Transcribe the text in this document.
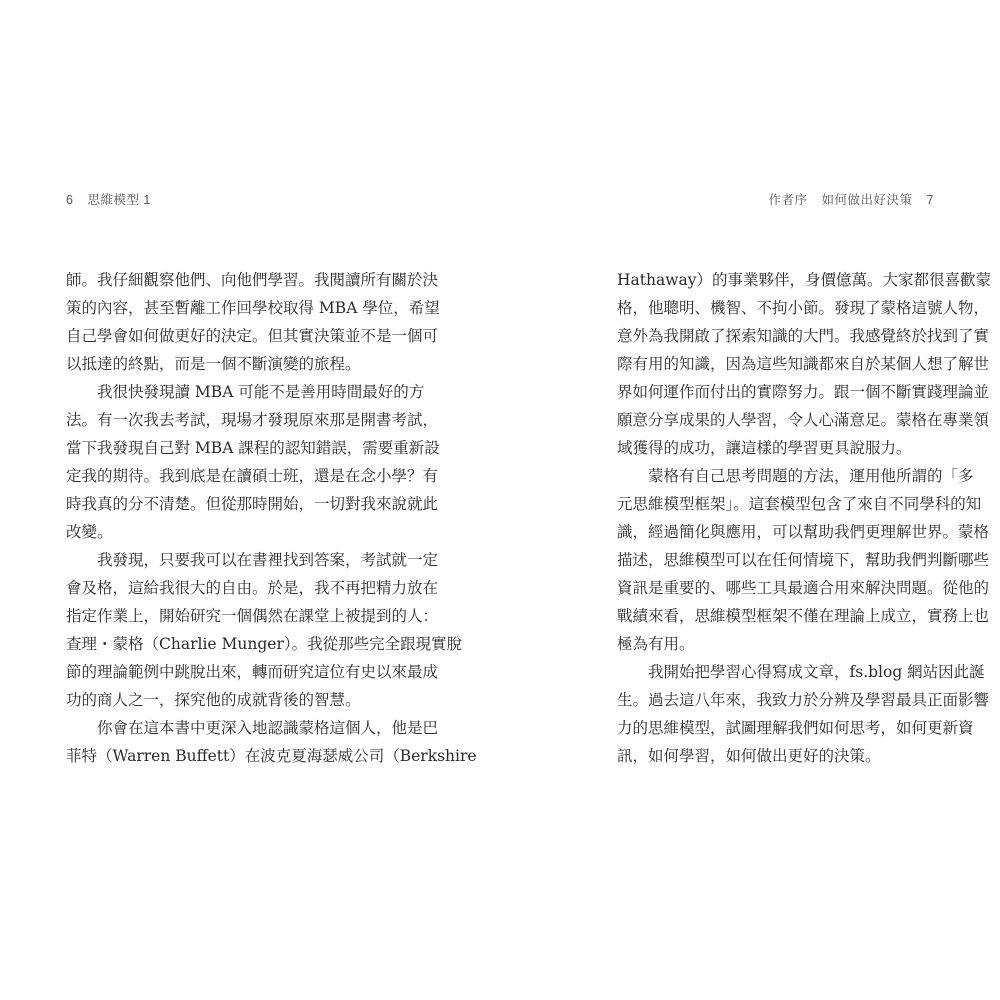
6 思維模型 1	作者序 如何做出好決策 7
師。我仔細觀察他們、向他們學習。我閱讀所有關於決
策的內容，甚至暫離工作回學校取得 MBA 學位，希望
自己學會如何做更好的決定。但其實決策並不是一個可
以抵達的終點，而是一個不斷演變的旅程。
我很快發現讀 MBA 可能不是善用時間最好的方
法。有一次我去考試，現場才發現原來那是開書考試，
當下我發現自己對 MBA 課程的認知錯誤，需要重新設
定我的期待。我到底是在讀碩士班，還是在念小學？有
時我真的分不清楚。但從那時開始，一切對我來說就此
改變。
我發現，只要我可以在書裡找到答案，考試就一定
會及格，這給我很大的自由。於是，我不再把精力放在
指定作業上，開始研究一個偶然在課堂上被提到的人：
查理・蒙格（Charlie Munger）。我從那些完全跟現實脫
節的理論範例中跳脫出來，轉而研究這位有史以來最成
功的商人之一，探究他的成就背後的智慧。
你會在這本書中更深入地認識蒙格這個人，他是巴
菲特（Warren Buffett）在波克夏海瑟威公司（Berkshire
Hathaway）的事業夥伴，身價億萬。大家都很喜歡蒙
格，他聰明、機智、不拘小節。發現了蒙格這號人物，
意外為我開啟了探索知識的大門。我感覺終於找到了實
際有用的知識，因為這些知識都來自於某個人想了解世
界如何運作而付出的實際努力。跟一個不斷實踐理論並
願意分享成果的人學習，令人心滿意足。蒙格在專業領
域獲得的成功，讓這樣的學習更具說服力。
蒙格有自己思考問題的方法，運用他所謂的「多
元思維模型框架」。這套模型包含了來自不同學科的知
識，經過簡化與應用，可以幫助我們更理解世界。蒙格
描述，思維模型可以在任何情境下，幫助我們判斷哪些
資訊是重要的、哪些工具最適合用來解決問題。從他的
戰績來看，思維模型框架不僅在理論上成立，實務上也
極為有用。
我開始把學習心得寫成文章，fs.blog 網站因此誕
生。過去這八年來，我致力於分辨及學習最具正面影響
力的思維模型，試圖理解我們如何思考，如何更新資
訊，如何學習，如何做出更好的決策。
